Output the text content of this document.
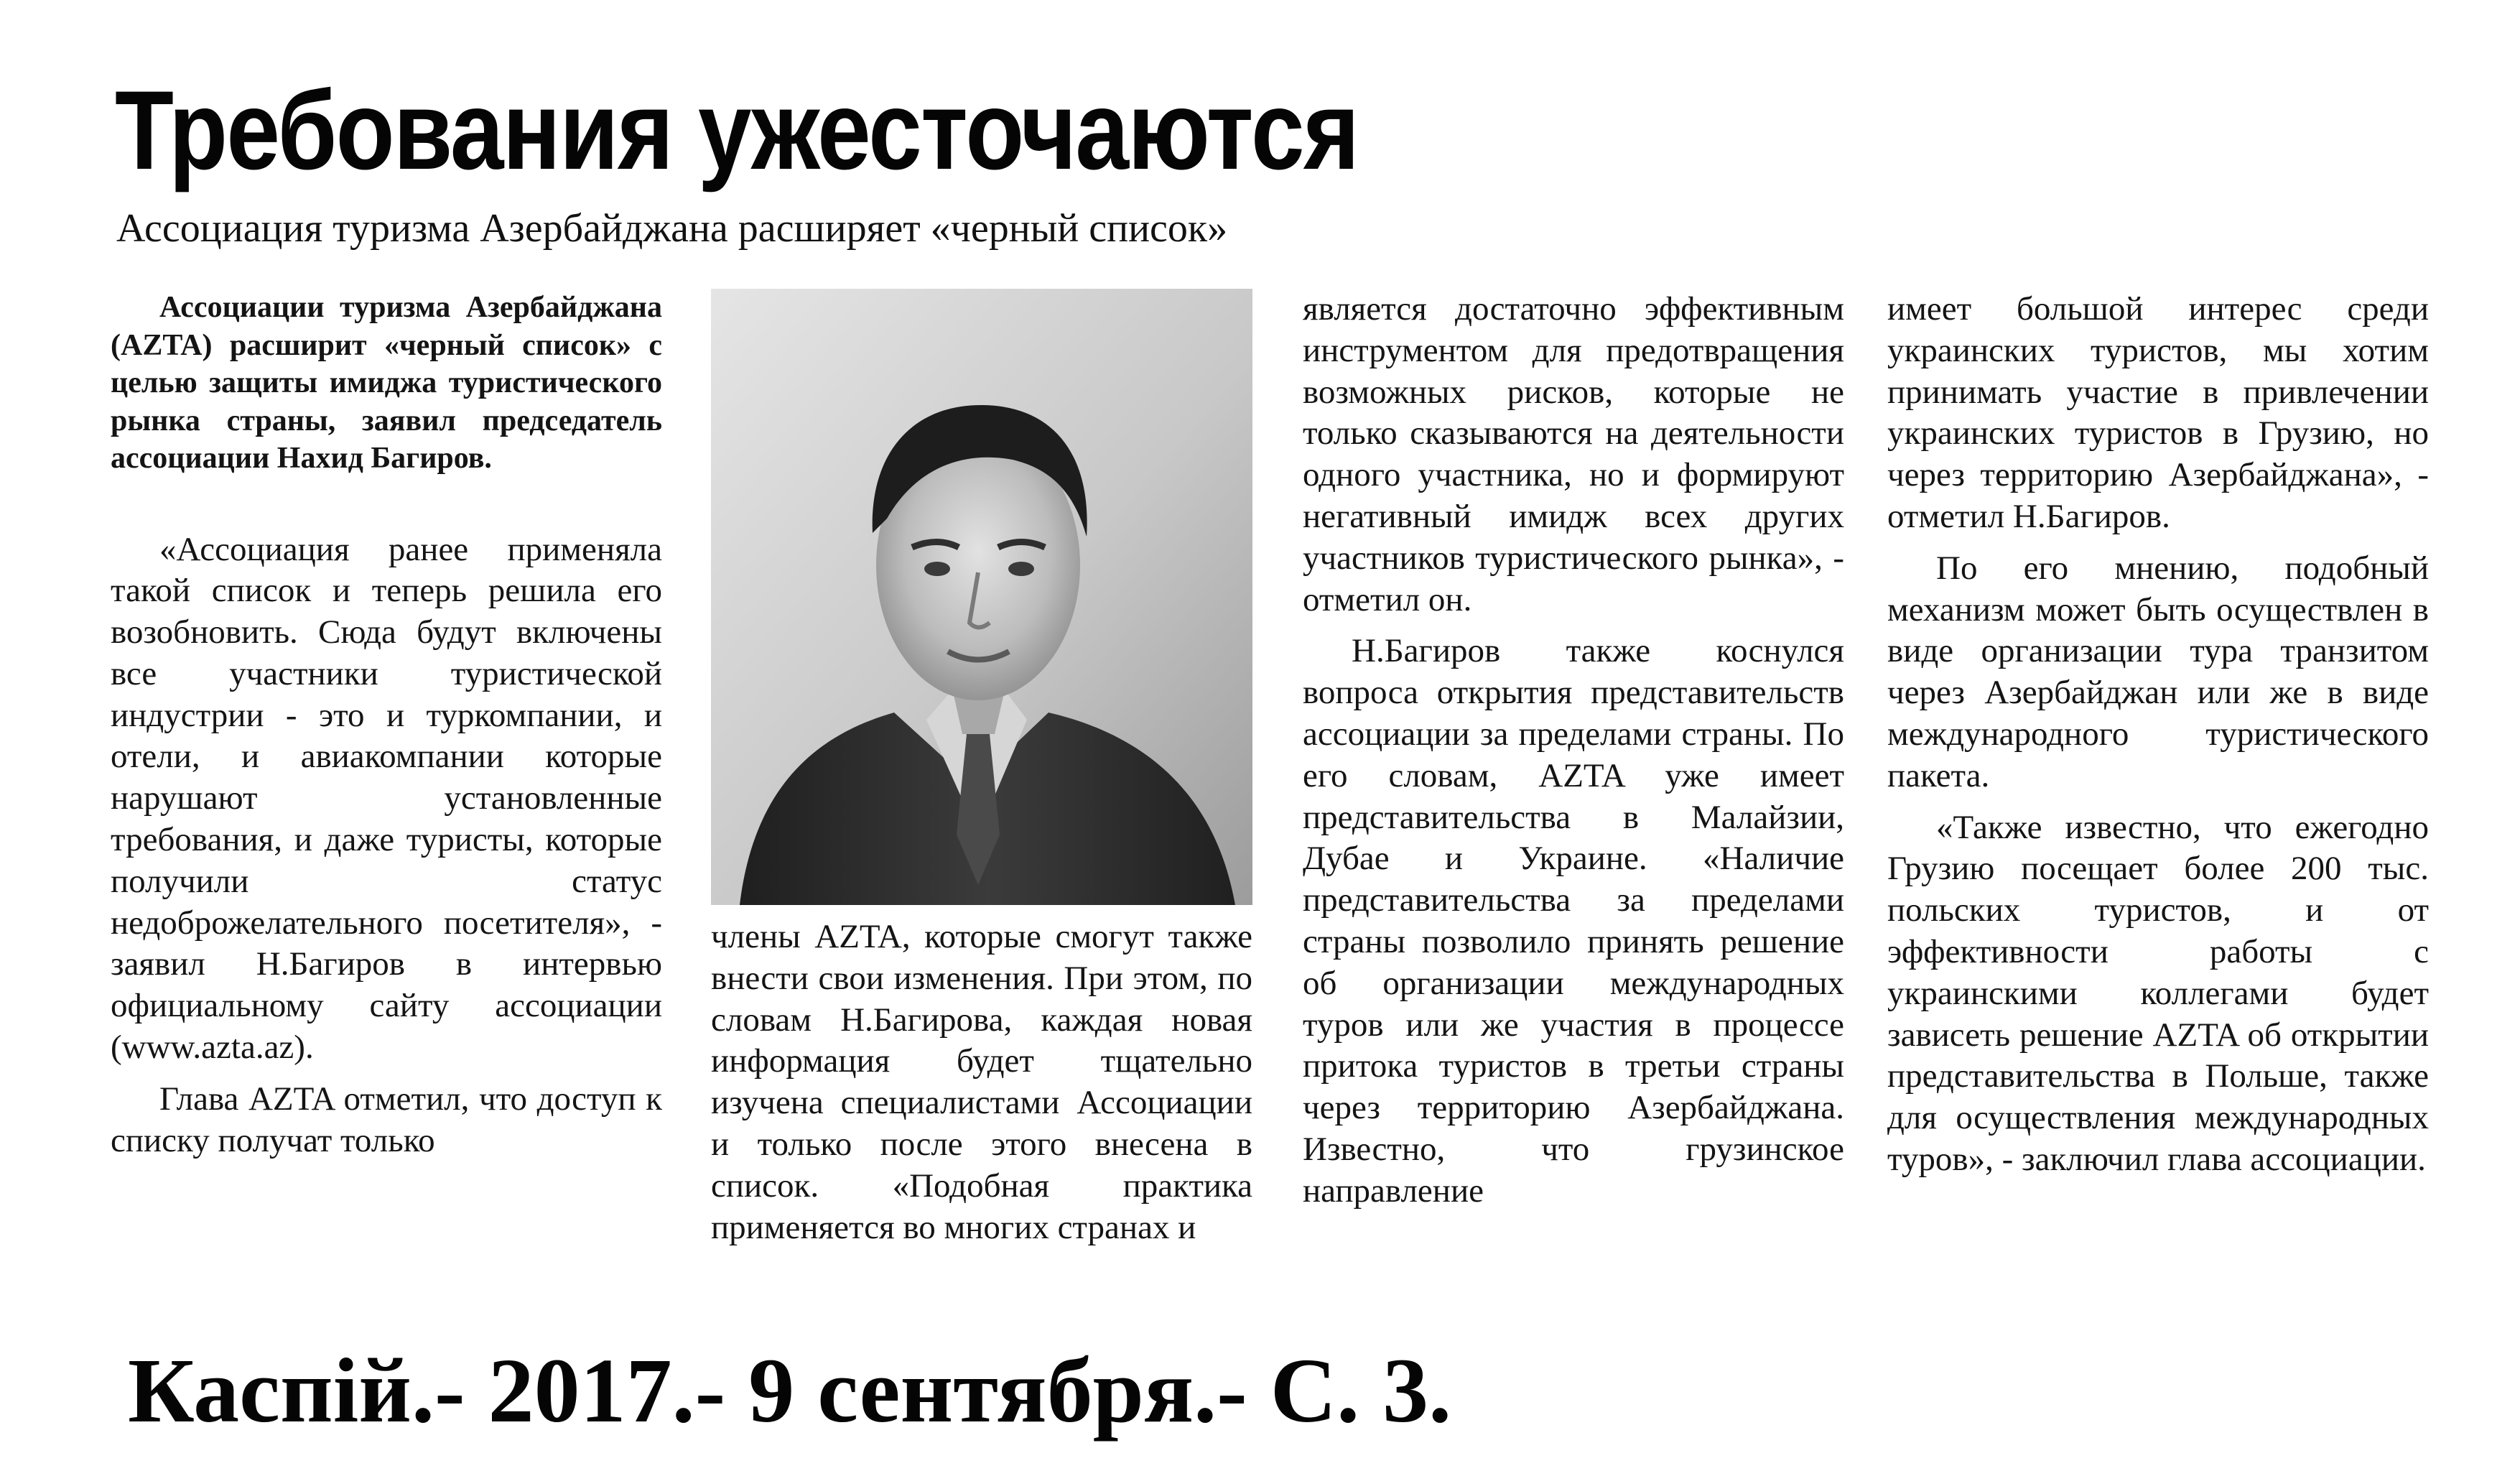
Требования ужесточаются

Ассоциация туризма Азербайджана расширяет «черный список»

Ассоциации туризма Азербайджана (AZTA) расширит «черный список» с целью защиты имиджа туристического рынка страны, заявил председатель ассоциации Нахид Багиров.

«Ассоциация ранее применяла такой список и теперь решила его возобновить. Сюда будут включены все участники туристической индустрии - это и туркомпании, и отели, и авиакомпании которые нарушают установленные требования, и даже туристы, которые получили статус недоброжелательного посетителя», - заявил Н.Багиров в интервью официальному сайту ассоциации (www.azta.az).

Глава AZTA отметил, что доступ к списку получат только

члены AZTA, которые смогут также внести свои изменения. При этом, по словам Н.Багирова, каждая новая информация будет тщательно изучена специалистами Ассоциации и только после этого внесена в список. «Подобная практика применяется во многих странах и

является достаточно эффективным инструментом для предотвращения возможных рисков, которые не только сказываются на деятельности одного участника, но и формируют негативный имидж всех других участников туристического рынка», - отметил он.

Н.Багиров также коснулся вопроса открытия представительств ассоциации за пределами страны. По его словам, AZTA уже имеет представительства в Малайзии, Дубае и Украине. «Наличие представительства за пределами страны позволило принять решение об организации международных туров или же участия в процессе притока туристов в третьи страны через территорию Азербайджана. Известно, что грузинское направление

имеет большой интерес среди украинских туристов, мы хотим принимать участие в привлечении украинских туристов в Грузию, но через территорию Азербайджана», - отметил Н.Багиров.

По его мнению, подобный механизм может быть осуществлен в виде организации тура транзитом через Азербайджан или же в виде международного туристического пакета.

«Также известно, что ежегодно Грузию посещает более 200 тыс. польских туристов, и от эффективности работы с украинскими коллегами будет зависеть решение AZTA об открытии представительства в Польше, также для осуществления международных туров», - заключил глава ассоциации.

Каспій.- 2017.- 9 сентября.- С. 3.
